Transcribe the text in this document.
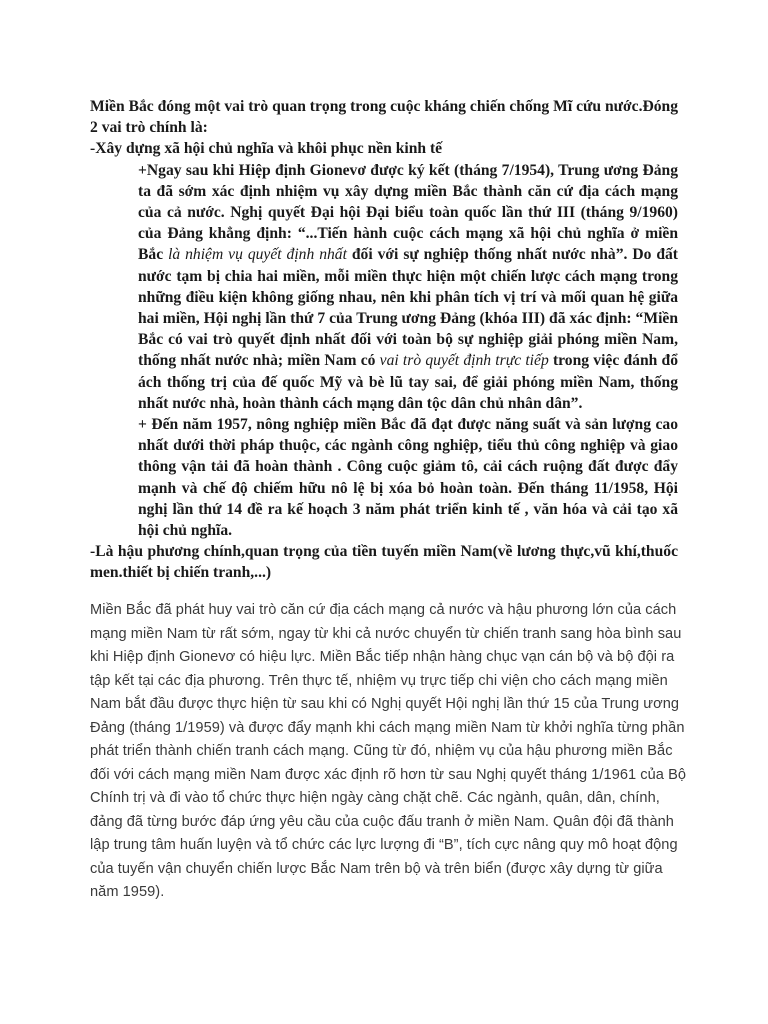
Miền Bắc đóng một vai trò quan trọng trong cuộc kháng chiến chống Mĩ cứu nước.Đóng 2 vai trò chính là:

-Xây dựng xã hội chủ nghĩa và khôi phục nền kinh tế

+Ngay sau khi Hiệp định Gionevơ được ký kết (tháng 7/1954), Trung ương Đảng ta đã sớm xác định nhiệm vụ xây dựng miền Bắc thành căn cứ địa cách mạng của cả nước. Nghị quyết Đại hội Đại biểu toàn quốc lần thứ III (tháng 9/1960) của Đảng khẳng định: “...Tiến hành cuộc cách mạng xã hội chủ nghĩa ở miền Bắc là nhiệm vụ quyết định nhất đối với sự nghiệp thống nhất nước nhà”. Do đất nước tạm bị chia hai miền, mỗi miền thực hiện một chiến lược cách mạng trong những điều kiện không giống nhau, nên khi phân tích vị trí và mối quan hệ giữa hai miền, Hội nghị lần thứ 7 của Trung ương Đảng (khóa III) đã xác định: “Miền Bắc có vai trò quyết định nhất đối với toàn bộ sự nghiệp giải phóng miền Nam, thống nhất nước nhà; miền Nam có vai trò quyết định trực tiếp trong việc đánh đổ ách thống trị của đế quốc Mỹ và bè lũ tay sai, để giải phóng miền Nam, thống nhất nước nhà, hoàn thành cách mạng dân tộc dân chủ nhân dân”.

+ Đến năm 1957, nông nghiệp miền Bắc đã đạt được năng suất và sản lượng cao nhất dưới thời pháp thuộc, các ngành công nghiệp, tiểu thủ công nghiệp và giao thông vận tải đã hoàn thành . Công cuộc giảm tô, cải cách ruộng đất được đẩy mạnh và chế độ chiếm hữu nô lệ bị xóa bỏ hoàn toàn. Đến tháng 11/1958, Hội nghị lần thứ 14 đề ra kế hoạch 3 năm phát triển kinh tế , văn hóa và cải tạo xã hội chủ nghĩa.

-Là hậu phương chính,quan trọng của tiền tuyến miền Nam(về lương thực,vũ khí,thuốc men.thiết bị chiến tranh,...)

Miền Bắc đã phát huy vai trò căn cứ địa cách mạng cả nước và hậu phương lớn của cách mạng miền Nam từ rất sớm, ngay từ khi cả nước chuyển từ chiến tranh sang hòa bình sau khi Hiệp định Gionevơ có hiệu lực. Miền Bắc tiếp nhận hàng chục vạn cán bộ và bộ đội ra tập kết tại các địa phương. Trên thực tế, nhiệm vụ trực tiếp chi viện cho cách mạng miền Nam bắt đầu được thực hiện từ sau khi có Nghị quyết Hội nghị lần thứ 15 của Trung ương Đảng (tháng 1/1959) và được đẩy mạnh khi cách mạng miền Nam từ khởi nghĩa từng phần phát triển thành chiến tranh cách mạng. Cũng từ đó, nhiệm vụ của hậu phương miền Bắc đối với cách mạng miền Nam được xác định rõ hơn từ sau Nghị quyết tháng 1/1961 của Bộ Chính trị và đi vào tổ chức thực hiện ngày càng chặt chẽ. Các ngành, quân, dân, chính, đảng đã từng bước đáp ứng yêu cầu của cuộc đấu tranh ở miền Nam. Quân đội đã thành lập trung tâm huấn luyện và tổ chức các lực lượng đi “B”, tích cực nâng quy mô hoạt động của tuyến vận chuyển chiến lược Bắc Nam trên bộ và trên biển (được xây dựng từ giữa năm 1959).
